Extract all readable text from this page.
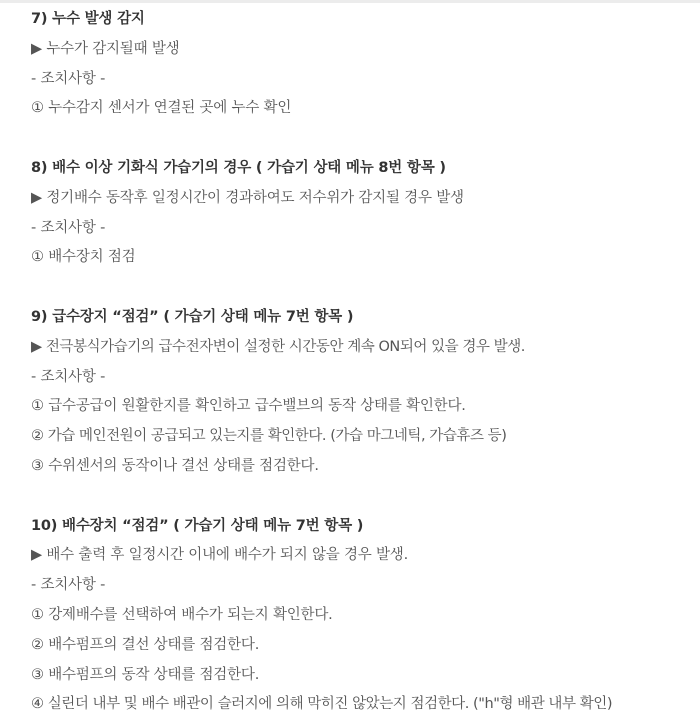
7) 누수 발생 감지
▶ 누수가 감지될때 발생
- 조치사항 -
① 누수감지 센서가 연결된 곳에 누수 확인
8) 배수 이상 기화식 가습기의 경우 ( 가습기 상태 메뉴 8번 항목 )
▶ 정기배수 동작후 일정시간이 경과하여도 저수위가 감지될 경우 발생
- 조치사항 -
① 배수장치 점검
9) 급수장지 “점검” ( 가습기 상태 메뉴 7번 항목 )
▶ 전극봉식가습기의 급수전자변이 설정한 시간동안 계속 ON되어 있을 경우 발생.
- 조치사항 -
① 급수공급이 원활한지를 확인하고 급수밸브의 동작 상태를 확인한다.
② 가습 메인전원이 공급되고 있는지를 확인한다. (가습 마그네틱, 가습휴즈 등)
③ 수위센서의 동작이나 결선 상태를 점검한다.
10) 배수장치 “점검” ( 가습기 상태 메뉴 7번 항목 )
▶ 배수 출력 후 일정시간 이내에 배수가 되지 않을 경우 발생.
- 조치사항 -
① 강제배수를 선택하여 배수가 되는지 확인한다.
② 배수펌프의 결선 상태를 점검한다.
③ 배수펌프의 동작 상태를 점검한다.
④ 실린더 내부 및 배수 배관이 슬러지에 의해 막히진 않았는지 점검한다. ("h"형 배관 내부 확인)
